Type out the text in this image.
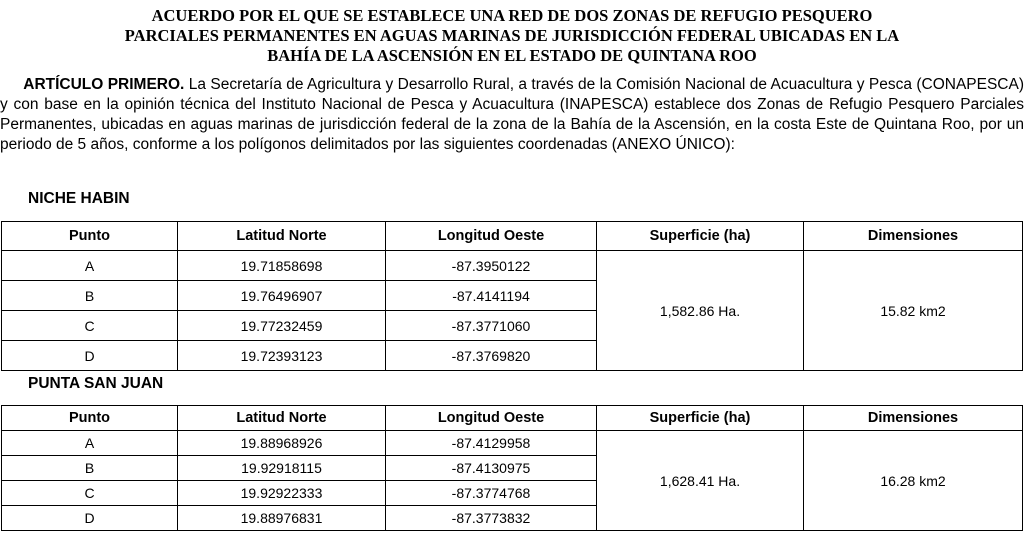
ACUERDO POR EL QUE SE ESTABLECE UNA RED DE DOS ZONAS DE REFUGIO PESQUERO
PARCIALES PERMANENTES EN AGUAS MARINAS DE JURISDICCIÓN FEDERAL UBICADAS EN LA
BAHÍA DE LA ASCENSIÓN EN EL ESTADO DE QUINTANA ROO
  ARTÍCULO PRIMERO. La Secretaría de Agricultura y Desarrollo Rural, a través de la Comisión Nacional de Acuacultura y Pesca (CONAPESCA) y con base en la opinión técnica del Instituto Nacional de Pesca y Acuacultura (INAPESCA) establece dos Zonas de Refugio Pesquero Parciales Permanentes, ubicadas en aguas marinas de jurisdicción federal de la zona de la Bahía de la Ascensión, en la costa Este de Quintana Roo, por un periodo de 5 años, conforme a los polígonos delimitados por las siguientes coordenadas (ANEXO ÚNICO):
NICHE HABIN
Punto	Latitud Norte	Longitud Oeste	Superficie (ha)	Dimensiones
A	19.71858698	-87.3950122	1,582.86 Ha.	15.82 km2
B	19.76496907	-87.4141194		
C	19.77232459	-87.3771060		
D	19.72393123	-87.3769820		
PUNTA SAN JUAN
Punto	Latitud Norte	Longitud Oeste	Superficie (ha)	Dimensiones
A	19.88968926	-87.4129958	1,628.41 Ha.	16.28 km2
B	19.92918115	-87.4130975		
C	19.92922333	-87.3774768		
D	19.88976831	-87.3773832		
